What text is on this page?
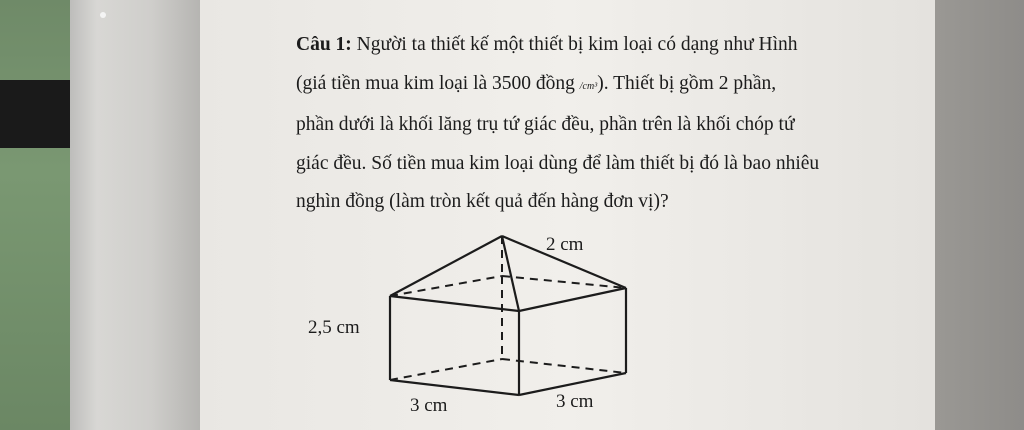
Câu 1: Người ta thiết kế một thiết bị kim loại có dạng như Hình
(giá tiền mua kim loại là 3500 đồng /cm³). Thiết bị gồm 2 phần,
phần dưới là khối lăng trụ tứ giác đều, phần trên là khối chóp tứ
giác đều. Số tiền mua kim loại dùng để làm thiết bị đó là bao nhiêu
nghìn đồng (làm tròn kết quả đến hàng đơn vị)?
2 cm
2,5 cm
3 cm	3 cm
